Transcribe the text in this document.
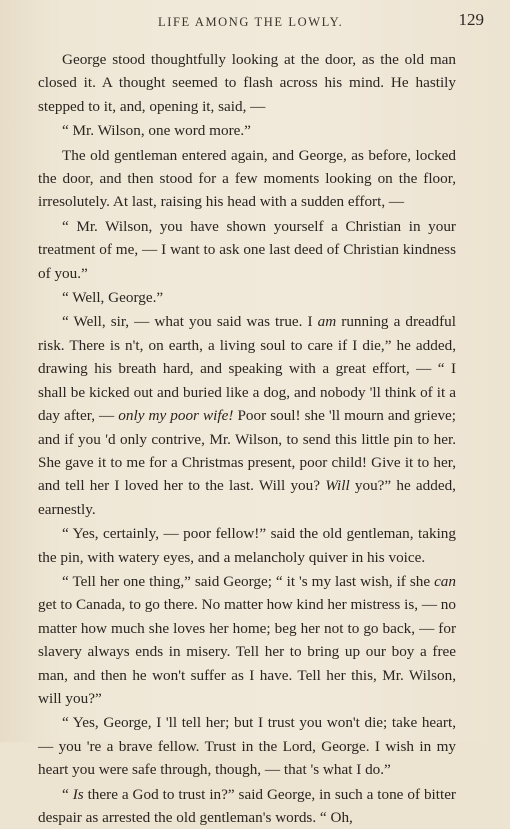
LIFE AMONG THE LOWLY.	129

George stood thoughtfully looking at the door, as the old man closed it. A thought seemed to flash across his mind. He hastily stepped to it, and, opening it, said, —

“ Mr. Wilson, one word more.”

The old gentleman entered again, and George, as before, locked the door, and then stood for a few moments looking on the floor, irresolutely. At last, raising his head with a sudden effort, —

“ Mr. Wilson, you have shown yourself a Christian in your treatment of me, — I want to ask one last deed of Christian kindness of you.”

“ Well, George.”

“ Well, sir, — what you said was true. I am running a dreadful risk. There is n't, on earth, a living soul to care if I die,” he added, drawing his breath hard, and speaking with a great effort, — “ I shall be kicked out and buried like a dog, and nobody 'll think of it a day after, — only my poor wife! Poor soul! she 'll mourn and grieve; and if you 'd only contrive, Mr. Wilson, to send this little pin to her. She gave it to me for a Christmas present, poor child! Give it to her, and tell her I loved her to the last. Will you? Will you?” he added, earnestly.

“ Yes, certainly, — poor fellow!” said the old gentleman, taking the pin, with watery eyes, and a melancholy quiver in his voice.

“ Tell her one thing,” said George; “ it 's my last wish, if she can get to Canada, to go there. No matter how kind her mistress is, — no matter how much she loves her home; beg her not to go back, — for slavery always ends in misery. Tell her to bring up our boy a free man, and then he won't suffer as I have. Tell her this, Mr. Wilson, will you?”

“ Yes, George, I 'll tell her; but I trust you won't die; take heart, — you 're a brave fellow. Trust in the Lord, George. I wish in my heart you were safe through, though, — that 's what I do.”

“ Is there a God to trust in?” said George, in such a tone of bitter despair as arrested the old gentleman's words. “ Oh,
